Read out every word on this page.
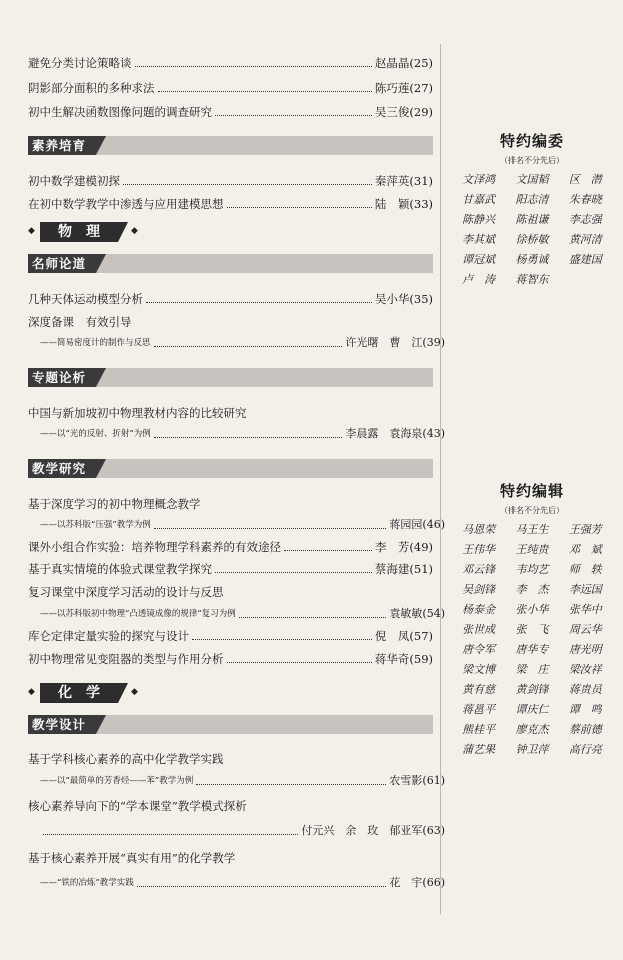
避免分类讨论策略谈	赵晶晶 (25)
阴影部分面积的多种求法	陈巧莲 (27)
初中生解决函数图像问题的调查研究	吴三俊 (29)
素养培育
初中数学建模初探	秦萍英 (31)
在初中数学教学中渗透与应用建模思想	陆　颖 (33)
◆	物　理	◆
名师论道
几种天体运动模型分析	吴小华 (35)
深度备课　有效引导
——简易密度计的制作与反思	许光曙　曹　江 (39)
专题论析
中国与新加坡初中物理教材内容的比较研究
——以“光的反射、折射”为例	李晨露　袁海泉 (43)
教学研究
基于深度学习的初中物理概念教学
——以苏科版“压强”教学为例	蒋园园 (46)
课外小组合作实验：培养物理学科素养的有效途径	李　芳 (49)
基于真实情境的体验式课堂教学探究	蔡海建 (51)
复习课堂中深度学习活动的设计与反思
——以苏科版初中物理“凸透镜成像的规律”复习为例	袁敏敏 (54)
库仑定律定量实验的探究与设计	倪　凤 (57)
初中物理常见变阻器的类型与作用分析	蒋华奇 (59)
◆	化　学	◆
教学设计
基于学科核心素养的高中化学教学实践
——以“最简单的芳香烃——苯”教学为例	农雪影 (61)
核心素养导向下的“学本课堂”教学模式探析
付元兴　余　玫　郁亚军 (63)
基于核心素养开展“真实有用”的化学教学
——“铁的冶炼”教学实践	花　宇 (66)
特约编委
（排名不分先后）
文泽鸿	文国韬	区　潜
甘嘉武	阳志清	朱春晓
陈静兴	陈祖谦	李志强
李其斌	徐桥敏	黄河清
谭冠斌	杨勇诚	盛建国
卢　涛	蒋智东
特约编辑
（排名不分先后）
马恩荣	马王生	王强芳
王伟华	王纯贵	邓　斌
邓云锋	韦均艺	师　轶
吴剑锋	李　杰	李远国
杨泰金	张小华	张华中
张世成	张　飞	周云华
唐令军	唐华专	唐光明
梁文博	梁　庄	梁汝祥
黄有慈	黄剑锋	蒋贵员
蒋邕平	谭庆仁	谭　鸣
熊桂平	廖克杰	蔡前德
蒲艺果	钟卫萍	高行亮
